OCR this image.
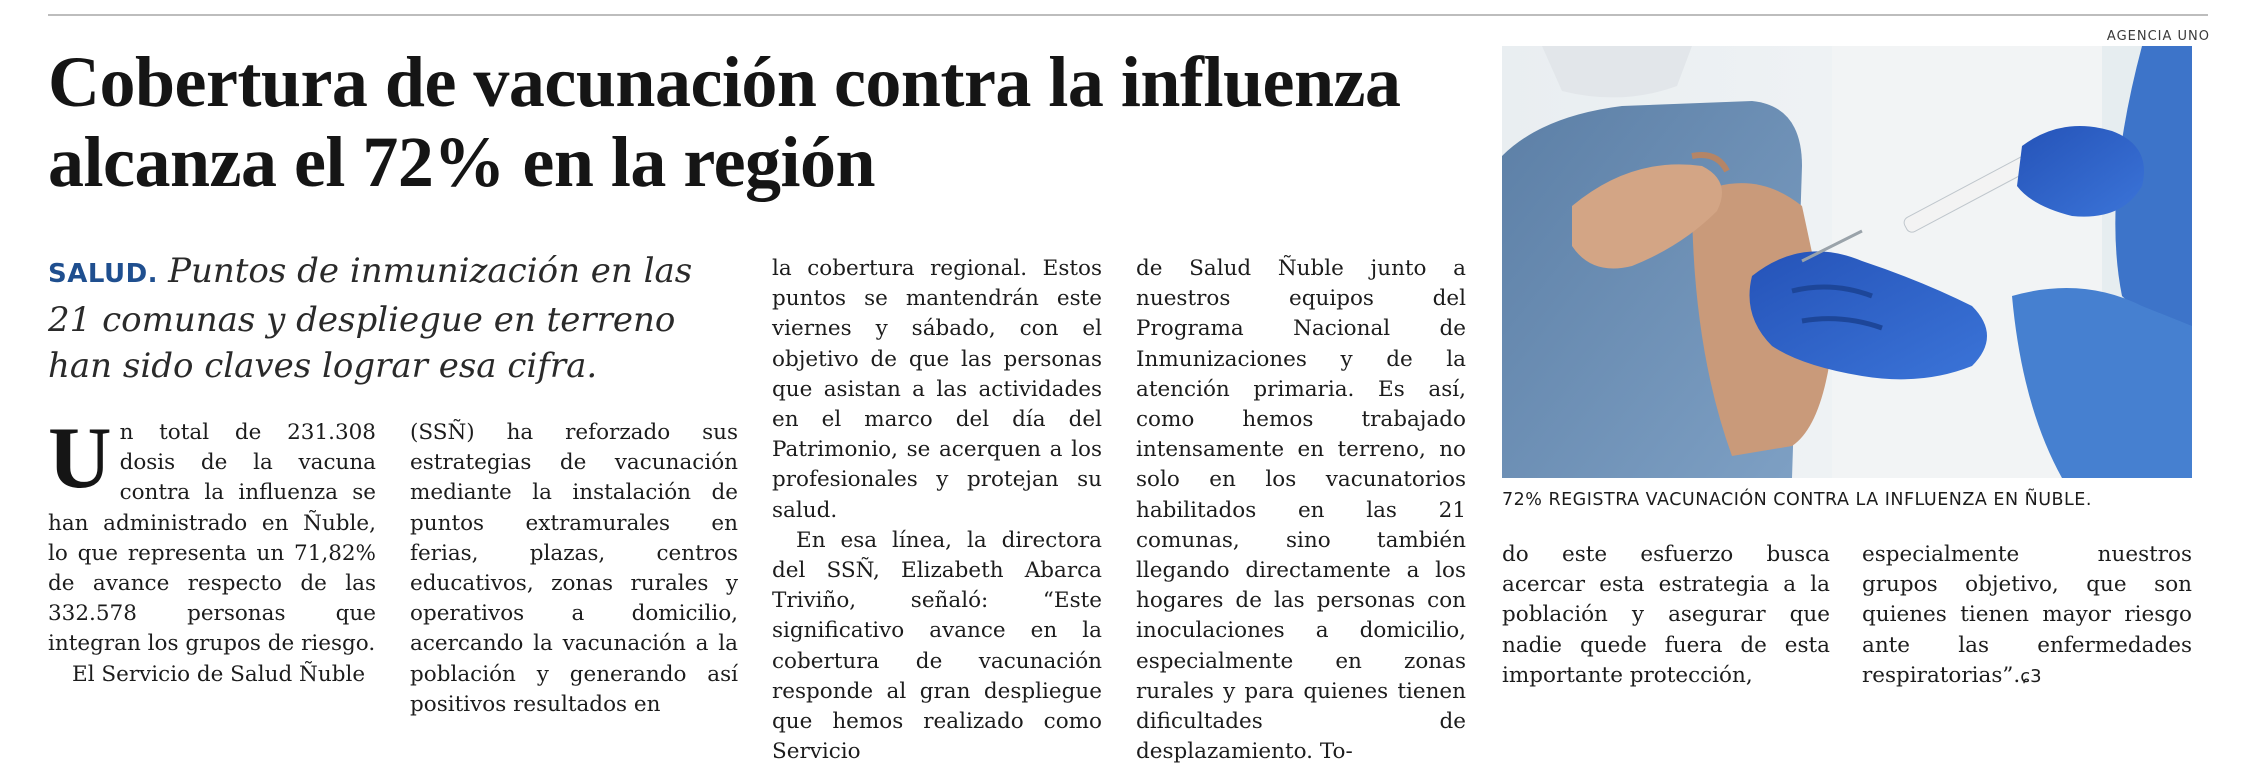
Cobertura de vacunación contra la influenza alcanza el 72% en la región
SALUD. Puntos de inmunización en las 21 comunas y despliegue en terreno han sido claves lograr esa cifra.

Un total de 231.308 dosis de la vacuna contra la influenza se han administrado en Ñuble, lo que representa un 71,82% de avance respecto de las 332.578 personas que integran los grupos de riesgo.

El Servicio de Salud Ñuble

(SSÑ) ha reforzado sus estrategias de vacunación mediante la instalación de puntos extramurales en ferias, plazas, centros educativos, zonas rurales y operativos a domicilio, acercando la vacunación a la población y generando así positivos resultados en

la cobertura regional. Estos puntos se mantendrán este viernes y sábado, con el objetivo de que las personas que asistan a las actividades en el marco del día del Patrimonio, se acerquen a los profesionales y protejan su salud.

En esa línea, la directora del SSÑ, Elizabeth Abarca Triviño, señaló: “Este significativo avance en la cobertura de vacunación responde al gran despliegue que hemos realizado como Servicio

de Salud Ñuble junto a nuestros equipos del Programa Nacional de Inmunizaciones y de la atención primaria. Es así, como hemos trabajado intensamente en terreno, no solo en los vacunatorios habilitados en las 21 comunas, sino también llegando directamente a los hogares de las personas con inoculaciones a domicilio, especialmente en zonas rurales y para quienes tienen dificultades de desplazamiento. To-

do este esfuerzo busca acercar esta estrategia a la población y asegurar que nadie quede fuera de esta importante protección,

especialmente nuestros grupos objetivo, que son quienes tienen mayor riesgo ante las enfermedades respiratorias”.ɕ3

AGENCIA UNO
72% REGISTRA VACUNACIÓN CONTRA LA INFLUENZA EN ÑUBLE.
